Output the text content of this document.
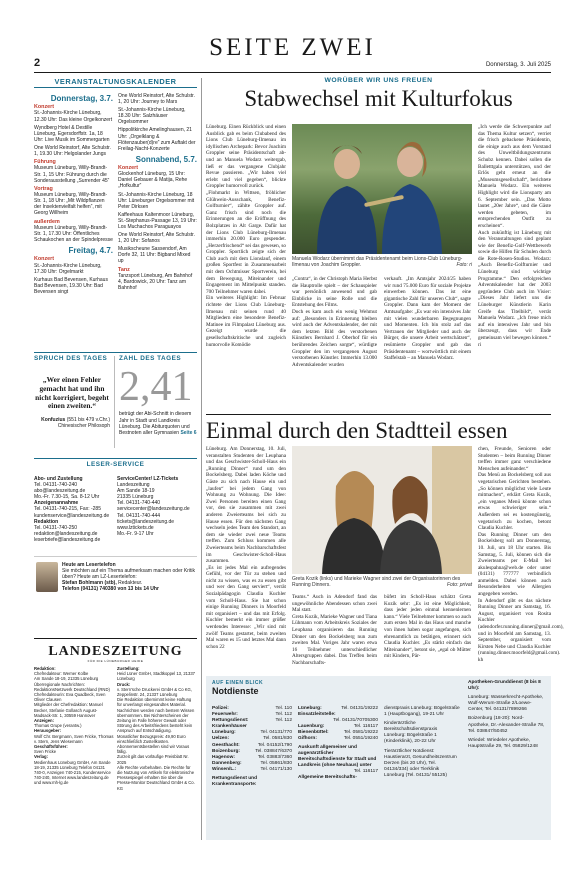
SEITE ZWEI
2	Donnerstag, 3. Juli 2025
VERANSTALTUNGSKALENDER
Donnerstag, 3.7.
Konzert
St.-Johannis-Kirche Lüneburg, 12.30 Uhr: Das kleine Orgelkonzert
Wyndberg Hotel & Destille Lüneburg, Egersdorffstr. 1a, 18 Uhr: Live Musik im Sommergarten
One World Reinstorf, Alte Schulstr. 1, 19.30 Uhr: Helgolander Jungs
Führung
Museum Lüneburg, Willy-Brandt-Str. 1, 15 Uhr: Führung durch die Sonderausstellung „Surrender 45“
Vortrag
Museum Lüneburg, Willy-Brandt-Str. 1, 18 Uhr: „Mit Wildpflanzen der Insektenvielfalt helfen“, mit Georg Willheim
außerdem
Museum Lüneburg, Willy-Brandt-Str. 1, 17.30 Uhr: Öffentliches Schaukochen an der Spindelpresse
Freitag, 4.7.
Konzert
St.-Johannis-Kirche Lüneburg, 17.30 Uhr: Orgelmarkt
Kurhaus Bad Bevensen, Kurhaus Bad Bevensen, 19.30 Uhr: Bad Bevensen singt
One World Reinstorf, Alte Schulstr. 1, 20 Uhr: Journey to Mars
St.-Johannis-Kirche Lüneburg, 18.30 Uhr: Salzhäuser Orgelsommer
Hippolitkirche Amelinghausen, 21 Uhr: „Orgelklang & Flötenzauber(d)re“ zum Auftakt der Freilag-Nacht-Konzerte
Sonnabend, 5.7.
Konzert
Glockenhof Lüneburg, 15 Uhr: Daniel Gebauer & Matija, Rehe „Hofkultur“
St.-Johannis-Kirche Lüneburg, 18 Uhr: Lüneburger Orgelsommer mit Peter Dirksen
Kaffeehaus Kaltenmoor Lüneburg, St.-Stephanus-Passage 13, 19 Uhr: Los Muchachos Paraguayos
One World Reinstorf, Alte Schulstr. 1, 20 Uhr: Sofanos
Musikscheune Sassendorf, Am Dorfe 32, 11 Uhr: Bigband Mixed up
Tanz
Tanzsport Lüneburg, Am Bahnhof 4, Bardowick, 20 Uhr: Tanz am Bahnhof
SPRUCH DES TAGES
„Wer einen Fehler gemacht hat und ihn nicht korrigiert, begeht einen zweiten.“
Konfuzius (551 bis 479 v.Chr.) Chinesischer Philosoph
ZAHL DES TAGES
2,41
betrügt der Abi-Schnitt in diesem Jahr in Stadt und Landkreis Lüneburg. Die Abiturquoten und Bestnoten aller Gymnasien Seite 6
LESER-SERVICE
Abo- und Zustellung
Tel. 04131-740-240
abo@landeszeitung.de
Mo.-Fr. 7.30-15, Sa. 8-12 Uhr
Anzeigenannahme
Tel. 04131-740-215, Fax: -285
kundenservice@landeszeitung.de
Redaktion
Tel. 04131-740-250
redaktion@landeszeitung.de
leserbriefe@landeszeitung.de
ServiceCenter/ LZ-Tickets
Landeszeitung
Am Sande 18-19
21335 Lüneburg
Tel. 04131-740-440
servicecenter@landeszeitung.de
Tel. 04131-740-444
tickets@landeszeitung.de
www.lztickets.de
Mo.-Fr. 9-17 Uhr
Heute am Lesertelefon
Sie möchten auf ein Thema aufmerksam machen oder Kritik üben? Heute am LZ-Lesertelefon:
Stefan Bohlmann (stb), Redakteur.
Telefon (04131) 740380 von 13 bis 14 Uhr
LANDESZEITUNG
FÜR DIE LÜNEBURGER HEIDE
Redaktion:
Chefredakteur: Werner Kolbe
Am Sande 18-19, 21335 Lüneburg
Überregionale Nachrichten: RedaktionsNetzwerk Deutschland (RND)
Chefredakteurin: Eva Quadbeck, Sven Oliver Clausen
Mitglieder der Chefredaktion: Manuel Becker, Stefanie Gollasch August-Madsack-Str. 1, 30559 Hannover
Anzeigen:
Thomas Grupe (verantw.)
Herausgeber:
Wolf Chr. Bergmann, Sven Fricke, Thomas v. Stern, Jens Wiesemann
Geschäftsführer:
Sven Fricke
Verlag:
Medienhaus Lüneburg GmbH, Am Sande 18-19, 21335 Lüneburg Telefon 04131 740-0, Anzeigen 740-215, Kundenservice 740-240, Internet www.landeszeitung.de und www.mh-lg.de
Zustellung:
Heid Lüner GmbH, Stadtkoppel 13, 21337 Lüneburg
Druck:
v. Stern'sche Druckerei GmbH & Co KG, Zeppelinstr. 24, 21337 Lüneburg
Die Redaktion übernimmt keine Haftung für unverlangt eingesandtes Material. Nachrichten werden nach bestem Wissen übernommen. Bei Nichterscheinen der Zeitung im Falle höherer Gewalt oder Störung des Arbeitsfriedens besteht kein Anspruch auf Entschädigung.
Monatlicher Bezugspreis: 49,90 Euro einschließlich Zustellkosten. Abonnementsbestellen sind wir Voraus fällig.
Zurzeit gilt das vorläufige Preisblatt Nr. 2025
Alle Rechte vorbehalten. Die Rechte für die Nutzung von Artikeln für elektronische Pressespiegel erhalten Sie über die Presse-Monitor Deutschland GmbH & Co. KG
WORÜBER WIR UNS FREUEN
Stabwechsel mit Kulturfokus

Lüneburg. Einen Rückblick und einen Ausblick gab es beim Clubabend des Lions Club Lüneburg-Ilmenau im idyllischen Archepark: Bevor Joachim Groppler seine Präsidentschaft ab- und an Manuela Wodarz weitergab, ließ er das vergangene Clubjahr Revue passieren. „Wir haben viel erlebt und viel gegeben“, blickte Groppler humorvoll zurück.

„Flohmarkt in Wittsen, fröhlicher Glühwein-Ausschank, Benefiz-Golfturnier“, zählte Groppler auf. Ganz frisch sind noch die Erinnerungen an die Eröffnung des Bolzplatzes in Alt Garge. Dafür hat der Lions Club Lüneburg-Ilmenau immerhin 20.000 Euro gespendet. „Herzerfrischend“ sei das gewesen, so Groppler. Sportlich zeigte sich der Club auch mit dem Lionslauf, einem großen Sportfest in Zusammenarbeit mit dem Ochtmisser Sportverein, bei dem Bewegung, Miteinander und Engagement im Mittelpunkt standen. 700 Teilnehmer waren dabei.

Ein weiteres Highlight: Im Februar richtete der Lions Club Lüneburg-Ilmenau mit seinen rund 40 Mitgliedern eine besondere Benefiz-Matinee im Filmpalast Lüneburg aus. Gezeigt wurde die gesellschaftskritische und zugleich humorvolle Komödie

Manuela Wodarz übernimmt das Präsidentenamt beim Lions-Club Lüneburg-Ilmenau von Joachim Groppler.	Foto: ri

„Contra“, in der Christoph Maria Herbst die Hauptrolle spielt – der Schauspieler war persönlich anwesend und gab Einblicke in seine Rolle und die Entstehung des Films.

Doch es kam auch ein wenig Wehmut auf: „Besonders in Erinnerung bleiben wird auch der Adventskalender, der mit dem letzten Bild des verstorbenen Künstlers Bernhard J. Oberhof für ein berührendes Zeichen sorgte“, würdigte Groppler den im vergangenen August verstorbenen Künstler. Immerhin 13.000 Adventskalender wurden

verkauft. „Im Amtsjahr 2024/25 haben wir rund 75.000 Euro für soziale Projekte einwerben können. Das ist eine gigantische Zahl für unseren Club“, sagte Groppler. Dann kam der Moment der Amtsaufgabe: „Es war ein intensives Jahr mit vielen wunderbaren Begegnungen und Momenten. Ich bin stolz auf das Vertrauen der Mitglieder und auch der Bürger, die unsere Arbeit wertschätzen“, resümierte Groppler und gab das Präsidentenamt – wortwörtlich mit einem Staffelstab – an Manuela Wodarz.

„Ich werde die Schwerpunkte auf das Thema Kultur setzen“, verriet die frisch gebackene Präsidentin, die einige auch aus dem Vorstand des Unweltbildungszentrums Schubz kennen. Dabei sollen die Balletttgala unterstützen, und der Erlös geht erneut an die „Museumsgesellschaft“, berichtete Manuela Wodarz. Ein weiteres Highlight wird die Lionsparty am 6. September sein. „Das Motto lautet „20er Jahre“, und die Gäste werden gebeten, im entsprechenden Outfit zu erscheinen“.

Auch zukünftig ist Lüneburg mit den Veranstaltungen sind geplant wie der Benefiz-Golf-Wettbewerb sowie die Hilfen für Schulen durch die Rote-Rosen-Studios. Wodarz: „Auch Benefiz-Golfturnier und Lüneburg sind wichtige Programme.“ Den erfolgreichen Adventskalender hat der 2003 gegründete Club auch im Visier: „Dieses Jahr liefert uns die Lüneburger Künstlerin Karin Greife das Titelbild“, verrät Manuela Wodarz. „Ich freue mich auf ein intensives Jahr und bin überzeugt, dass wir Ende gemeinsam viel bewegen können.“ ri

Einmal durch den Stadtteil essen

Lüneburg. Am Donnerstag, 10. Juli, veranstalten Studenten der Leuphana und das Geschwister-Scholl-Haus ein „Running Dinner“ rund um den Bockelsberg. Dabei laden Köche und Gäste zu sich nach Hause ein und „laufen“ bei jedem Gang von Wohnung zu Wohnung. Die Idee: Zwei Personen bereiten einen Gang vor, den sie zusammen mit zwei anderen Zweierteams bei sich zu Hause essen. Für den nächsten Gang wechseln jedes Team den Standort, an dem sie wieder zwei neue Teams treffen. Zum Schluss kommen alle Zweierteams beim Nachbarschaftsfest im Geschwister-Scholl-Haus zusammen.

„Es ist jedes Mal ein aufregendes Gefühl, vor der Tür zu stehen und nicht zu wissen, was es zu essen gibt und wer den Gang serviert“, verrät Sozialpädagogin Claudia Kuchler vom Scholl-Haus. Sie hat schon einige Running Dinners in Moorfeld mit organisiert – und das mit Erfolg. Kuchler bemerkt ein immer größer werdendes Interesse: „Wir sind mit zwölf Teams gestartet, beim zweiten Mal waren es 15 und letztes Mal dann schon 22

Greta Kozik (links) und Marieke Wagner sind zwei der Organisatorinnen des Running Dinners.	Foto: privat

Teams.“ Auch in Adendorf fand das ungewöhnliche Abendessen schon zwei Mal statt.

Greta Kozik, Marieke Wagner und Tiana Lühmann vom Arbeitskreis Soziales der Leuphana organisieren das Running Dinner um den Bockelsberg nun zum zweiten Mal. Voriges Jahr waren etwa 16 Teilnehmer unterschiedlicher Altersgruppen dabei. Das Treffen beim Nachbarschafts-

büfett im Scholl-Haus schätzt Greta Kozik sehr: „Es ist eine Möglichkeit, dass jeder jeden einmal kennenlernen kann.“ Viele Teilnehmer kommen so auch zum ersten Mal in das Haus und manche von ihnen haben sogar angefangen, sich ehrenamtlich zu betätigen, erinnert sich Claudia Kuchler. „Es stärkt einfach das Miteinander“, betont sie, „egal ob Mütter mit Kindern, Pär-

chen, Freunde, Senioren oder Studenten – beim Running Dinner treffen immer ganz verschiedene Menschen aufeinander.“

Das Menü an Bockelsberg soll aus vegetarischen Gerichten bestehen. „So können möglichst viele Leute mitmachen“, erklärt Greta Kozik, „ein veganes Menü könnte schon etwas schwieriger sein.“ Außerdem sei es kostengünstig, vegetarisch zu kochen, betont Claudia Kuchler.

Das Running Dinner um den Bockelsberg soll am Donnerstag, 10. Juli, um 18 Uhr starten. Bis Samstag, 5. Juli, können sich die Zweierteams per E-Mail bei akulespahna@web.de oder unter (04131) 777777 verbindlich anmelden. Dabei können auch Besonderheiten wie Allergien angegeben werden.

In Adendorf gibt es das nächste Running Dinner am Samstag, 16. August, organisiert von Rosita Kuchler (adendorfer.running.dinner@gmail.com), und in Moorfeld am Samstag, 13. September, organisiert vom Kirsten Nebe und Claudia Kuchler (running.dinner.moorfeld@gmail.com). kh

AUF EINEN BLICK
Notdienste
Polizei:	Tel. 110
Feuerwehr:	Tel. 112
Rettungsdienst:	Tel. 112
Krankenhäuser
Lüneburg:	Tel. 04131/770
Uelzen:	Tel. 0581/830
Geesthacht:	Tel. 04152/1790
Boizenburg:	Tel. 038847/6370
Hagenow:	Tel. 03883/7360
Dannenberg:	Tel. 05861/830
Winsen/L.:	Tel. 04171/130
Rettungsdienst und Krankentransporte:
Lüneburg:	Tel. 04131/19222
Einsatzleitstelle:
Tel. 04131/70705300
Lauenburg:	Tel. 116117
Bienenbüttel:	Tel. 0581/19222
Gifhorn:	Tel. 0551/19240
Auskunft allgemeiner und augenärztlicher Bereitschaftsdienste für Stadt und Landkreis (ohne Neuhaus) unter
Tel. 116117
Allgemeine Bereitschafts-
dienstpraxis Lüneburg: Bögelstraße 1 (Hauptbogang), 19-21 Uhr
Kinderärztliche Bereitschaftsdienstpraxis Lüneburg: Bögelstraße 1 (Kinderklinik), 20-22 Uhr
Tierärztlicher Notdienst: Haustierarzt, Gesundheitszentrum Derzen (bis 20 Uhr), Tel. 04134/334) oder Tierklinik Lüneburg (Tel. 04131/ 55125)
Apotheken-Grunddienst (8 bis 8 Uhr):
Lüneburg: Wasserkrecht-Apotheke, Wulf-Werum-Straße 2/Loewe-Center, Tel. 04131/7899266
Boizenburg (18-20): Nord-Apotheke, Dr.-Alexander-Straße 78, Tel. 038847/50452
Wriedel: Wriedeler Apotheke, Hauptstraße 29, Tel. 05829/1248
